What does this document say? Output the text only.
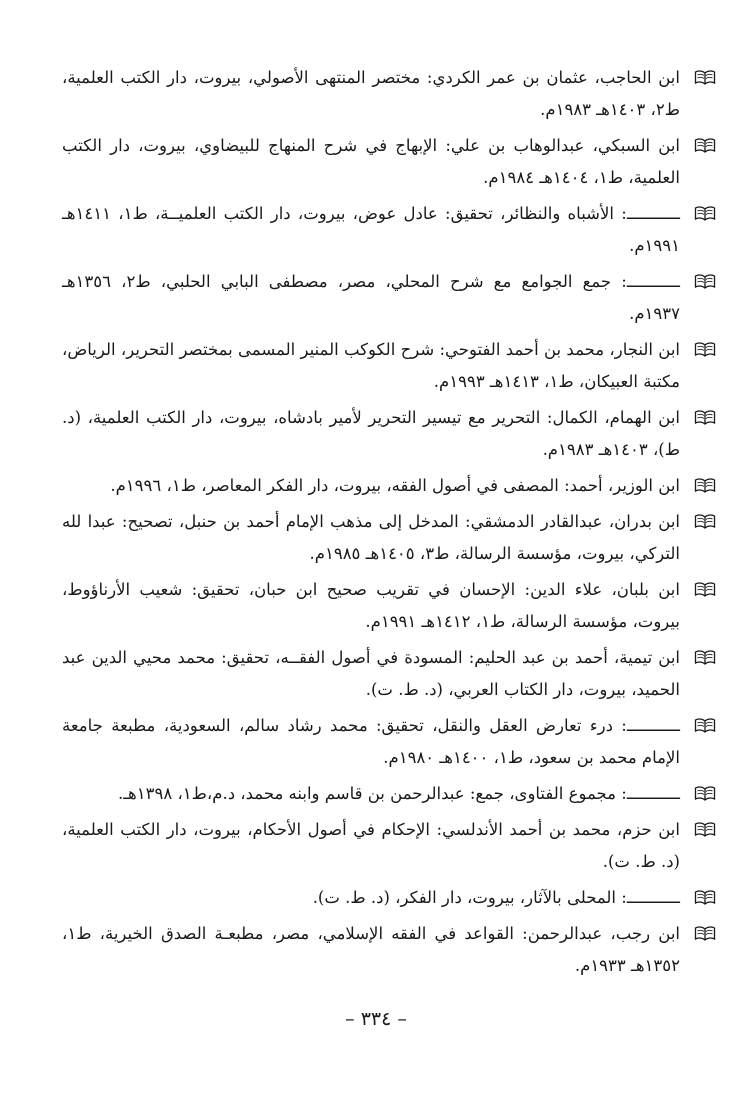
ابن الحاجب، عثمان بن عمر الكردي: مختصر المنتهى الأصولي، بيروت، دار الكتب العلمية، ط٢، ١٤٠٣هـ ١٩٨٣م.
ابن السبكي، عبدالوهاب بن علي: الإبهاج في شرح المنهاج للبيضاوي، بيروت، دار الكتب العلمية، ط١، ١٤٠٤هـ ١٩٨٤م.
ـــــــــــ: الأشباه والنظائر، تحقيق: عادل عوض، بيروت، دار الكتب العلميــة، ط١، ١٤١١هـ ١٩٩١م.
ـــــــــــ: جمع الجوامع مع شرح المحلي، مصر، مصطفى البابي الحلبي، ط٢، ١٣٥٦هـ ١٩٣٧م.
ابن النجار، محمد بن أحمد الفتوحي: شرح الكوكب المنير المسمى بمختصر التحرير، الرياض، مكتبة العبيكان، ط١، ١٤١٣هـ ١٩٩٣م.
ابن الهمام، الكمال: التحرير مع تيسير التحرير لأمير بادشاه، بيروت، دار الكتب العلمية، (د. ط)، ١٤٠٣هـ ١٩٨٣م.
ابن الوزير، أحمد: المصفى في أصول الفقه، بيروت، دار الفكر المعاصر، ط١، ١٩٩٦م.
ابن بدران، عبدالقادر الدمشقي: المدخل إلى مذهب الإمام أحمد بن حنبل، تصحيح: عبدا لله التركي، بيروت، مؤسسة الرسالة، ط٣، ١٤٠٥هـ ١٩٨٥م.
ابن بلبان، علاء الدين: الإحسان في تقريب صحيح ابن حبان، تحقيق: شعيب الأرناؤوط، بيروت، مؤسسة الرسالة، ط١، ١٤١٢هـ ١٩٩١م.
ابن تيمية، أحمد بن عبد الحليم: المسودة في أصول الفقــه، تحقيق: محمد محيي الدين عبد الحميد، بيروت، دار الكتاب العربي، (د. ط. ت).
ـــــــــــ: درء تعارض العقل والنقل، تحقيق: محمد رشاد سالم، السعودية، مطبعة جامعة الإمام محمد بن سعود، ط١، ١٤٠٠هـ ١٩٨٠م.
ـــــــــــ: مجموع الفتاوى، جمع: عبدالرحمن بن قاسم وابنه محمد، د.م،ط١، ١٣٩٨هـ.
ابن حزم، محمد بن أحمد الأندلسي: الإحكام في أصول الأحكام، بيروت، دار الكتب العلمية، (د. ط. ت).
ـــــــــــ: المحلى بالآثار، بيروت، دار الفكر، (د. ط. ت).
ابن رجب، عبدالرحمن: القواعد في الفقه الإسلامي، مصر، مطبعـة الصدق الخيرية، ط١، ١٣٥٢هـ ١٩٣٣م.
– ٣٣٤ –
